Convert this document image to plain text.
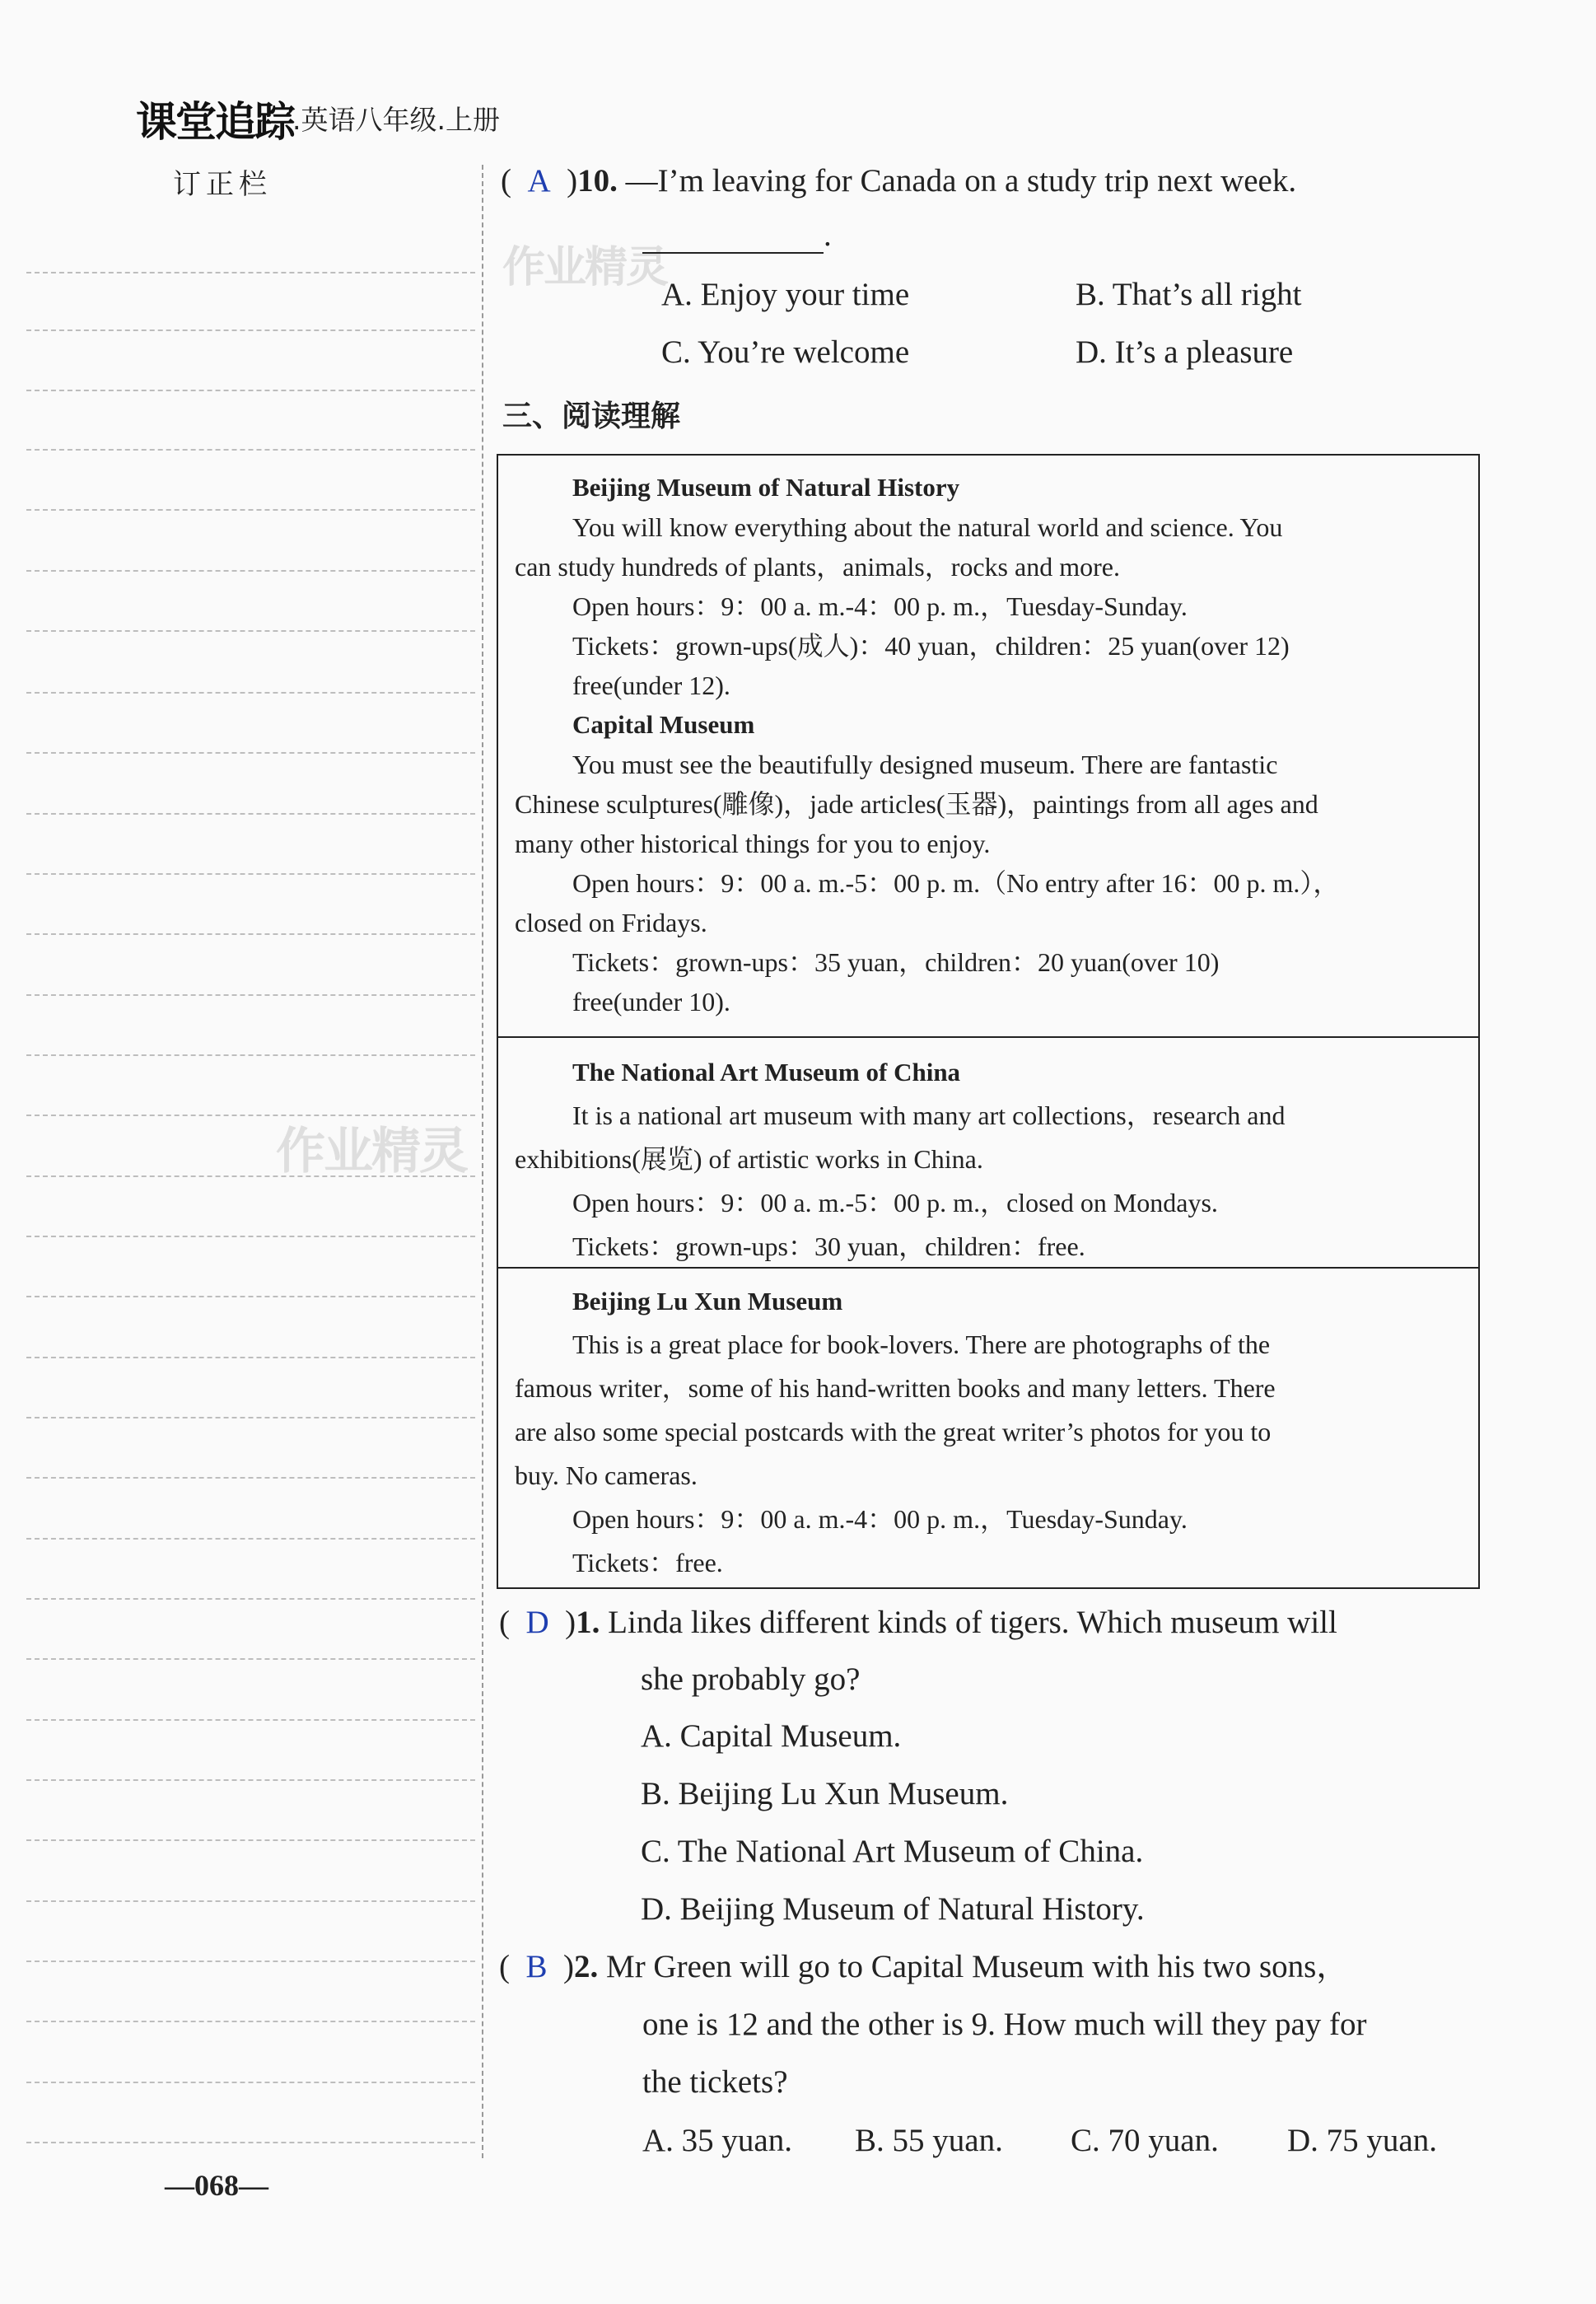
课堂追踪
.英语八年级.上册
订正栏
作业精灵
作业精灵
(  A  )10. —I’m leaving for Canada on a study trip next week.
.
A. Enjoy your time	B. That’s all right
C. You’re welcome	D. It’s a pleasure
三、阅读理解
Beijing Museum of Natural History
You will know everything about the natural world and science. You
can study hundreds of plants，animals，rocks and more.
Open hours：9：00 a. m.-4：00 p. m.，Tuesday-Sunday.
Tickets：grown-ups(成人)：40 yuan，children：25 yuan(over 12)
free(under 12).
Capital Museum
You must see the beautifully designed museum. There are fantastic
Chinese sculptures(雕像)，jade articles(玉器)，paintings from all ages and
many other historical things for you to enjoy.
Open hours：9：00 a. m.-5：00 p. m.（No entry after 16：00 p. m.），
closed on Fridays.
Tickets：grown-ups：35 yuan，children：20 yuan(over 10)
free(under 10).
The National Art Museum of China
It is a national art museum with many art collections，research and
exhibitions(展览) of artistic works in China.
Open hours：9：00 a. m.-5：00 p. m.，closed on Mondays.
Tickets：grown-ups：30 yuan，children：free.
Beijing Lu Xun Museum
This is a great place for book-lovers. There are photographs of the
famous writer，some of his hand-written books and many letters. There
are also some special postcards with the great writer’s photos for you to
buy. No cameras.
Open hours：9：00 a. m.-4：00 p. m.，Tuesday-Sunday.
Tickets：free.
(  D  )1. Linda likes different kinds of tigers. Which museum will
she probably go?
A. Capital Museum.
B. Beijing Lu Xun Museum.
C. The National Art Museum of China.
D. Beijing Museum of Natural History.
(  B  )2. Mr Green will go to Capital Museum with his two sons，
one is 12 and the other is 9. How much will they pay for
the tickets?
A. 35 yuan. B. 55 yuan. C. 70 yuan. D. 75 yuan.
—068—
